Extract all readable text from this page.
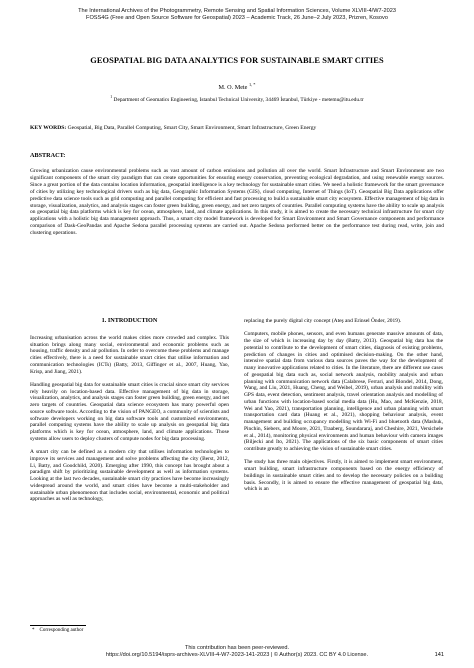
The International Archives of the Photogrammetry, Remote Sensing and Spatial Information Sciences, Volume XLVIII-4/W7-2023
FOSS4G (Free and Open Source Software for Geospatial) 2023 – Academic Track, 26 June–2 July 2023, Prizren, Kosovo
GEOSPATIAL BIG DATA ANALYTICS FOR SUSTAINABLE SMART CITIES
M. O. Mete $^{1, *}$
$^1$ Department of Geomatics Engineering, Istanbul Technical University, 34469 İstanbul, Türkiye - metemu@itu.edu.tr
KEY WORDS: Geospatial, Big Data, Parallel Computing, Smart City, Smart Environment, Smart Infrastructure, Green Energy
ABSTRACT:
Growing urbanization cause environmental problems such as vast amount of carbon emissions and pollution all over the world. Smart Infrastructure and Smart Environment are two significant components of the smart city paradigm that can create opportunities for ensuring energy conservation, preventing ecological degradation, and using renewable energy sources. Since a great portion of the data contains location information, geospatial intelligence is a key technology for sustainable smart cities. We need a holistic framework for the smart governance of cities by utilizing key technological drivers such as big data, Geographic Information Systems (GIS), cloud computing, Internet of Things (IoT). Geospatial Big Data applications offer predictive data science tools such as grid computing and parallel computing for efficient and fast processing to build a sustainable smart city ecosystem. Effective management of big data in storage, visualization, analytics, and analysis stages can foster green building, green energy, and net zero targets of countries. Parallel computing systems have the ability to scale up analysis on geospatial big data platforms which is key for ocean, atmosphere, land, and climate applications. In this study, it is aimed to create the necessary technical infrastructure for smart city applications with a holistic big data management approach. Thus, a smart city model framework is developed for Smart Environment and Smart Governance components and performance comparison of Dask-GeoPandas and Apache Sedona parallel processing systems are carried out. Apache Sedona performed better on the performance test during read, write, join and clustering operations.
1. INTRODUCTION

Increasing urbanisation across the world makes cities more crowded and complex. This situation brings along many social, environmental and economic problems such as housing, traffic density and air pollution. In order to overcome these problems and manage cities effectively, there is a need for sustainable smart cities that utilise information and communication technologies (ICTs) (Batty, 2013, Giffinger et al., 2007, Huang, Yao, Krisp, and Jiang, 2021).

Handling geospatial big data for sustainable smart cities is crucial since smart city services rely heavily on location-based data. Effective management of big data in storage, visualization, analytics, and analysis stages can foster green building, green energy, and net zero targets of countries. Geospatial data science ecosystem has many powerful open source software tools. According to the vision of PANGEO, a community of scientists and software developers working on big data software tools and customized environments, parallel computing systems have the ability to scale up analysis on geospatial big data platforms which is key for ocean, atmosphere, land, and climate applications. Those systems allow users to deploy clusters of compute nodes for big data processing.

A smart city can be defined as a modern city that utilises information technologies to improve its services and management and solve problems affecting the city (Berst, 2012, Li, Batty, and Goodchild, 2020). Emerging after 1990, this concept has brought about a paradigm shift by prioritizing sustainable development as well as information systems. Looking at the last two decades, sustainable smart city practices have become increasingly widespread around the world, and smart cities have become a multi-stakeholder and sustainable urban phenomenon that includes social, environmental, economic and political approaches as well as technology,

replacing the purely digital city concept (Ateş and Erinsel Önder, 2019).

Computers, mobile phones, sensors, and even humans generate massive amounts of data, the size of which is increasing day by day (Batty, 2013). Geospatial big data has the potential to contribute to the development of smart cities, diagnosis of existing problems, prediction of changes in cities and optimised decision-making. On the other hand, intensive spatial data from various data sources paves the way for the development of many innovative applications related to cities. In the literature, there are different use cases of geospatial big data such as, social network analysis, mobility analysis and urban planning with communication network data (Calabrese, Ferrari, and Blondel, 2014, Dong, Wang, and Liu, 2021, Huang, Cheng, and Weibel, 2019), urban analysis and mobility with GPS data, event detection, sentiment analysis, travel orientation analysis and modelling of urban functions with location-based social media data (Hu, Mao, and McKenzie, 2018, Wei and Yao, 2021), transportation planning, intelligence and urban planning with smart transportation card data (Huang et al., 2021), shopping behaviour analysis, event management and building occupancy modelling with Wi-Fi and bluetooth data (Mashuk, Pinchin, Siebers, and Moore, 2021, Traaberg, Soundararaj, and Cheshire, 2021, Versichele et al., 2014), monitoring physical environments and human behaviour with camera images (Biljecki and Ito, 2021). The applications of the six basic components of smart cities contribute greatly to achieving the vision of sustainable smart cities.

The study has three main objectives. Firstly, it is aimed to implement smart environment, smart building, smart infrastructure components based on the energy efficiency of buildings in sustainable smart cities and to develop the necessary policies on a building basis. Secondly, it is aimed to ensure the effective management of geospatial big data, which is an

* Corresponding author
This contribution has been peer-reviewed.
https://doi.org/10.5194/isprs-archives-XLVIII-4-W7-2023-141-2023 | © Author(s) 2023. CC BY 4.0 License.	141
